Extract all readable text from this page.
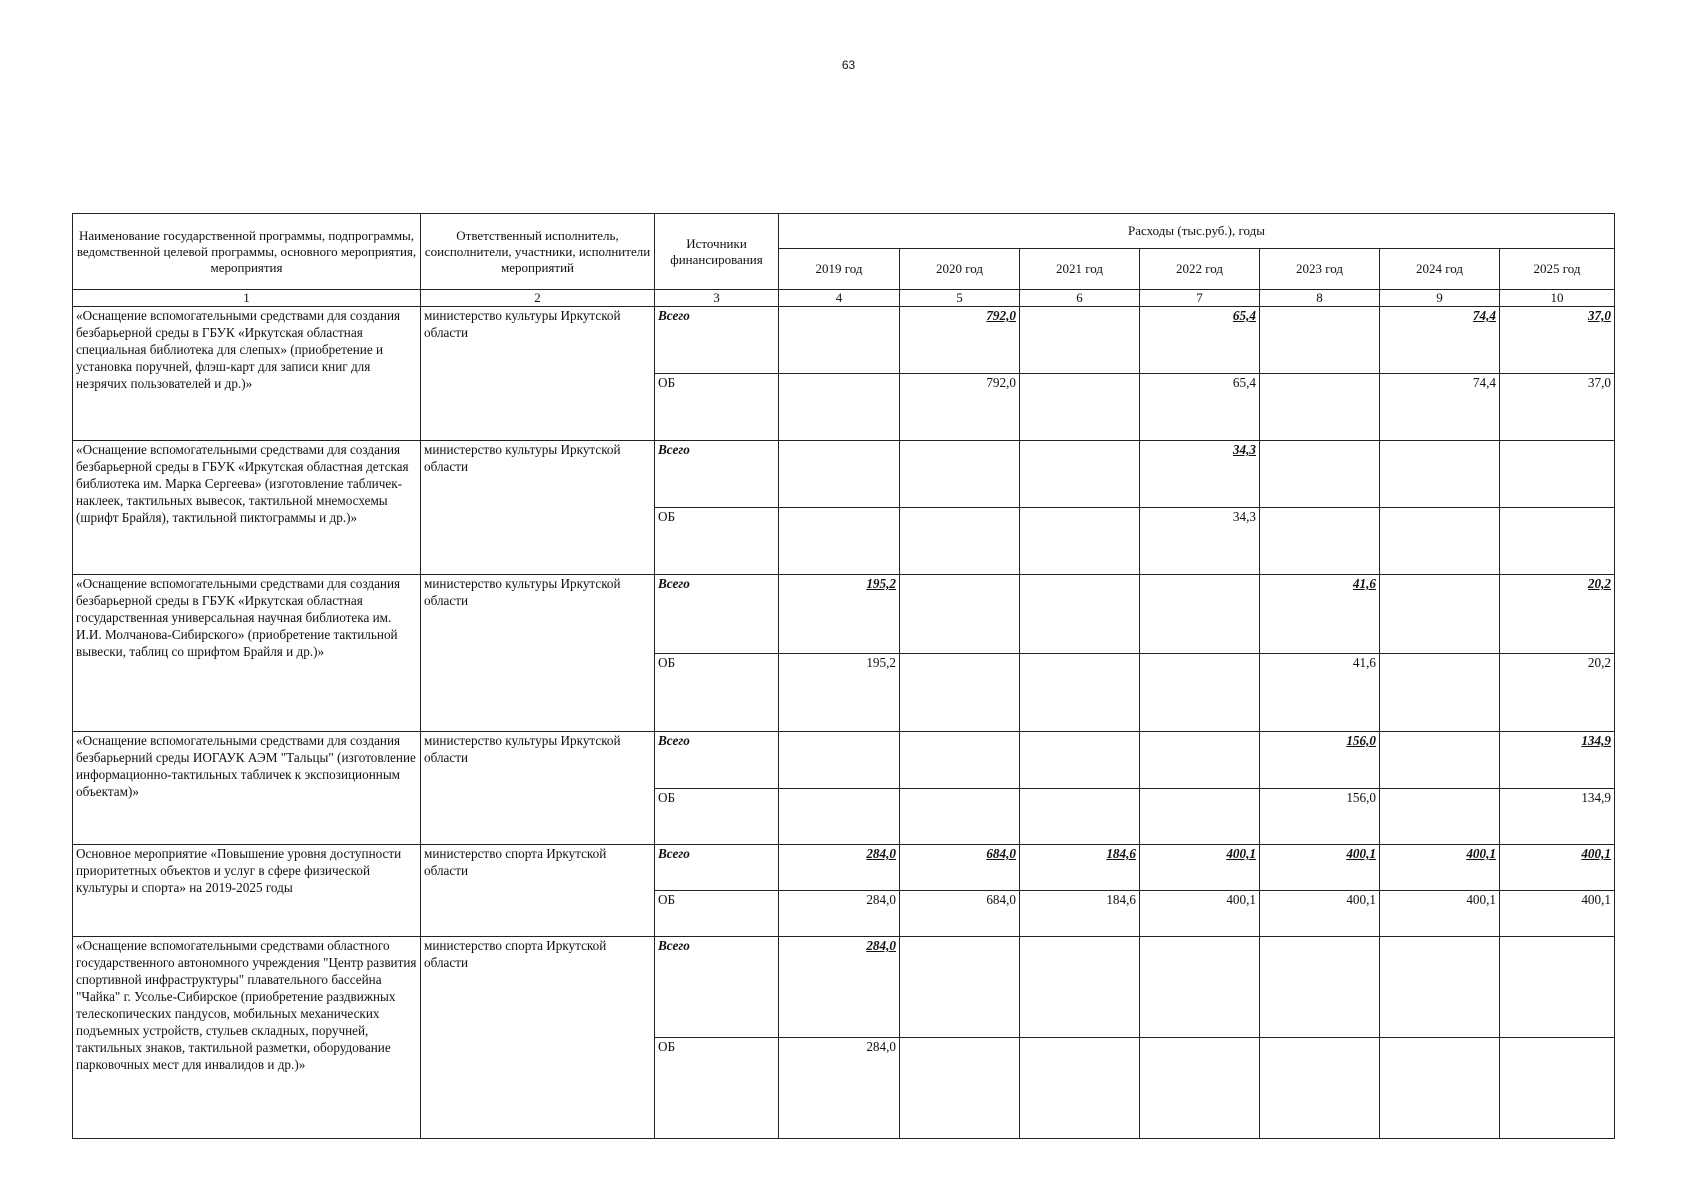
63
Наименование государственной программы, подпрограммы, ведомственной целевой программы, основного мероприятия, мероприятия	Ответственный исполнитель, соисполнители, участники, исполнители мероприятий	Источники финансирования	Расходы (тыс.руб.), годы						
			2019 год	2020 год	2021 год	2022 год	2023 год	2024 год	2025 год
1	2	3	4	5	6	7	8	9	10
«Оснащение вспомогательными средствами для создания безбарьерной среды в ГБУК «Иркутская областная специальная библиотека для слепых» (приобретение и установка поручней, флэш-карт для записи книг для незрячих пользователей и др.)»	министерство культуры Иркутской области	Всего		792,0		65,4		74,4	37,0
		ОБ		792,0		65,4		74,4	37,0
«Оснащение вспомогательными средствами для создания безбарьерной среды в ГБУК «Иркутская областная детская библиотека им. Марка Сергеева» (изготовление табличек-наклеек, тактильных вывесок, тактильной мнемосхемы (шрифт Брайля), тактильной пиктограммы и др.)»	министерство культуры Иркутской области	Всего				34,3			
		ОБ				34,3			
«Оснащение вспомогательными средствами для создания безбарьерной среды в ГБУК «Иркутская областная государственная универсальная научная библиотека им. И.И. Молчанова-Сибирского» (приобретение тактильной вывески, таблиц со шрифтом Брайля и др.)»	министерство культуры Иркутской области	Всего	195,2				41,6		20,2
		ОБ	195,2				41,6		20,2
«Оснащение вспомогательными средствами для создания безбарьерний среды ИОГАУК АЭМ "Тальцы" (изготовление информационно-тактильных табличек к экспозиционным объектам)»	министерство культуры Иркутской области	Всего					156,0		134,9
		ОБ					156,0		134,9
Основное мероприятие «Повышение уровня доступности приоритетных объектов и услуг в сфере физической культуры и спорта» на 2019-2025 годы	министерство спорта Иркутской области	Всего	284,0	684,0	184,6	400,1	400,1	400,1	400,1
		ОБ	284,0	684,0	184,6	400,1	400,1	400,1	400,1
«Оснащение вспомогательными средствами областного государственного автономного учреждения "Центр развития спортивной инфраструктуры" плавательного бассейна "Чайка" г. Усолье-Сибирское (приобретение раздвижных телескопических пандусов, мобильных механических подъемных устройств, стульев складных, поручней, тактильных знаков, тактильной разметки, оборудование парковочных мест для инвалидов и др.)»	министерство спорта Иркутской области	Всего	284,0						
		ОБ	284,0						
